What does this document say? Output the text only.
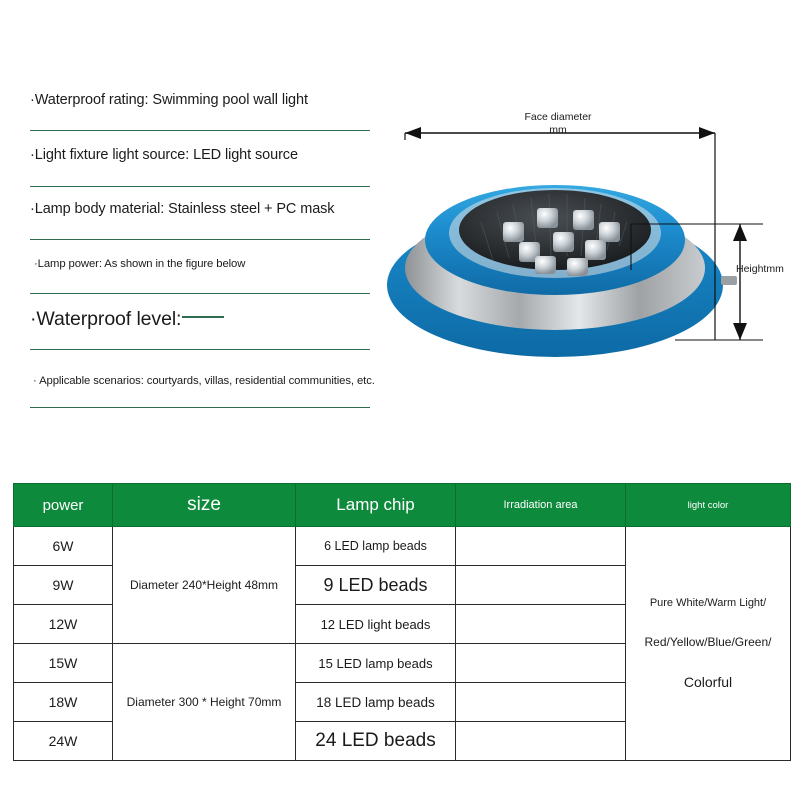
·Waterproof rating: Swimming pool wall light
·Light fixture light source: LED light source
·Lamp body material: Stainless steel + PC mask
·Lamp power: As shown in the figure below
·Waterproof level:
· Applicable scenarios: courtyards, villas, residential communities, etc.
Face diameter
mm
Heightmm
power	size	Lamp chip	Irradiation area	light color
6W	Diameter 240*Height 48mm	6 LED lamp beads		Pure White/Warm Light/
Red/Yellow/Blue/Green/
Colorful

9W		9 LED beads		
12W		12 LED light beads		
15W	Diameter 300 * Height 70mm	15 LED lamp beads		
18W		18 LED lamp beads		
24W		24 LED beads		
